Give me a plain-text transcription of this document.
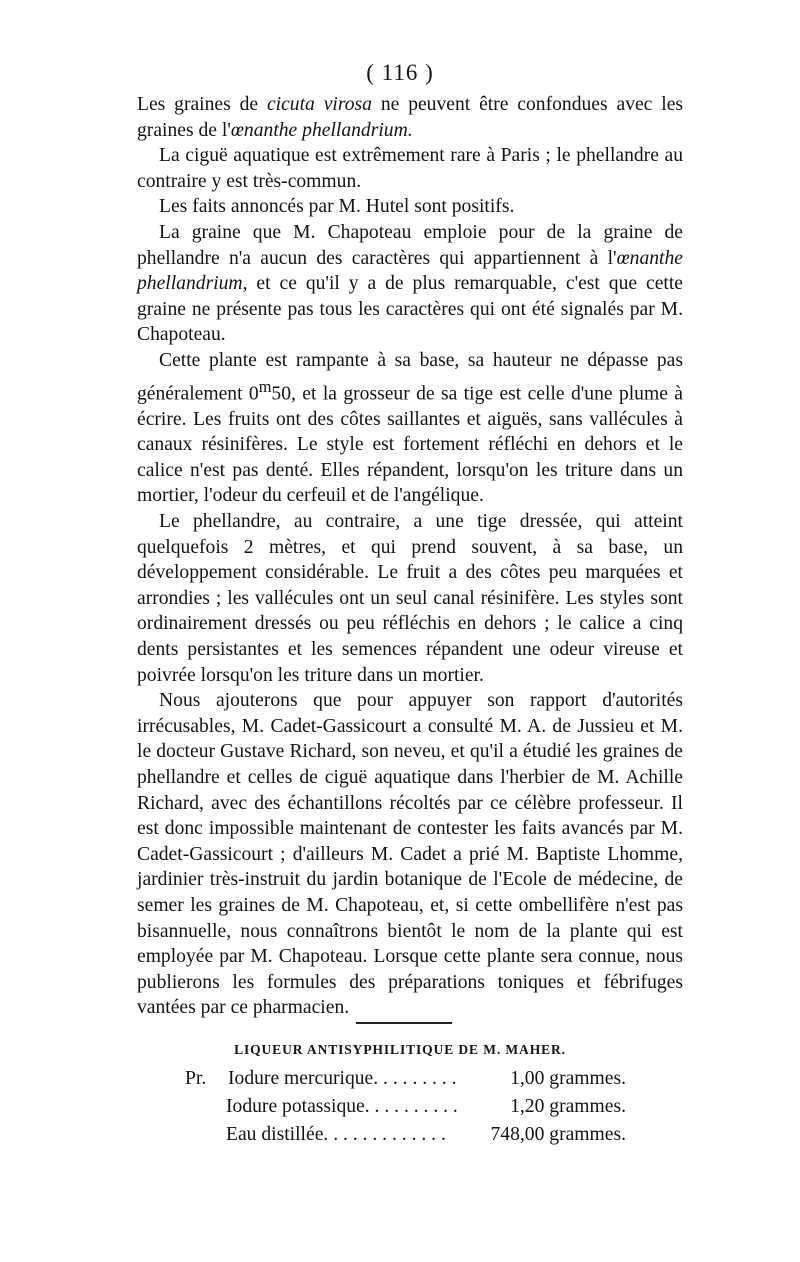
( 116 )

Les graines de cicuta virosa ne peuvent être confondues avec les graines de l'œnanthe phellandrium.

La ciguë aquatique est extrêmement rare à Paris ; le phellandre au contraire y est très-commun.

Les faits annoncés par M. Hutel sont positifs.

La graine que M. Chapoteau emploie pour de la graine de phellandre n'a aucun des caractères qui appartiennent à l'œnanthe phellandrium, et ce qu'il y a de plus remarquable, c'est que cette graine ne présente pas tous les caractères qui ont été signalés par M. Chapoteau.

Cette plante est rampante à sa base, sa hauteur ne dépasse pas généralement 0$^m$50, et la grosseur de sa tige est celle d'une plume à écrire. Les fruits ont des côtes saillantes et aiguës, sans vallécules à canaux résinifères. Le style est fortement réfléchi en dehors et le calice n'est pas denté. Elles répandent, lorsqu'on les triture dans un mortier, l'odeur du cerfeuil et de l'angélique.

Le phellandre, au contraire, a une tige dressée, qui atteint quelquefois 2 mètres, et qui prend souvent, à sa base, un développement considérable. Le fruit a des côtes peu marquées et arrondies ; les vallécules ont un seul canal résinifère. Les styles sont ordinairement dressés ou peu réfléchis en dehors ; le calice a cinq dents persistantes et les semences répandent une odeur vireuse et poivrée lorsqu'on les triture dans un mortier.

Nous ajouterons que pour appuyer son rapport d'autorités irrécusables, M. Cadet-Gassicourt a consulté M. A. de Jussieu et M. le docteur Gustave Richard, son neveu, et qu'il a étudié les graines de phellandre et celles de ciguë aquatique dans l'herbier de M. Achille Richard, avec des échantillons récoltés par ce célèbre professeur. Il est donc impossible maintenant de contester les faits avancés par M. Cadet-Gassicourt ; d'ailleurs M. Cadet a prié M. Baptiste Lhomme, jardinier très-instruit du jardin botanique de l'Ecole de médecine, de semer les graines de M. Chapoteau, et, si cette ombellifère n'est pas bisannuelle, nous connaîtrons bientôt le nom de la plante qui est employée par M. Chapoteau. Lorsque cette plante sera connue, nous publierons les formules des préparations toniques et fébrifuges vantées par ce pharmacien.

LIQUEUR ANTISYPHILITIQUE DE M. MAHER.
Pr. Iodure mercurique. . . . . . . . .	1,00 grammes.
Iodure potassique. . . . . . . . . .	1,20 grammes.
Eau distillée. . . . . . . . . . . . . 748,00 grammes.
